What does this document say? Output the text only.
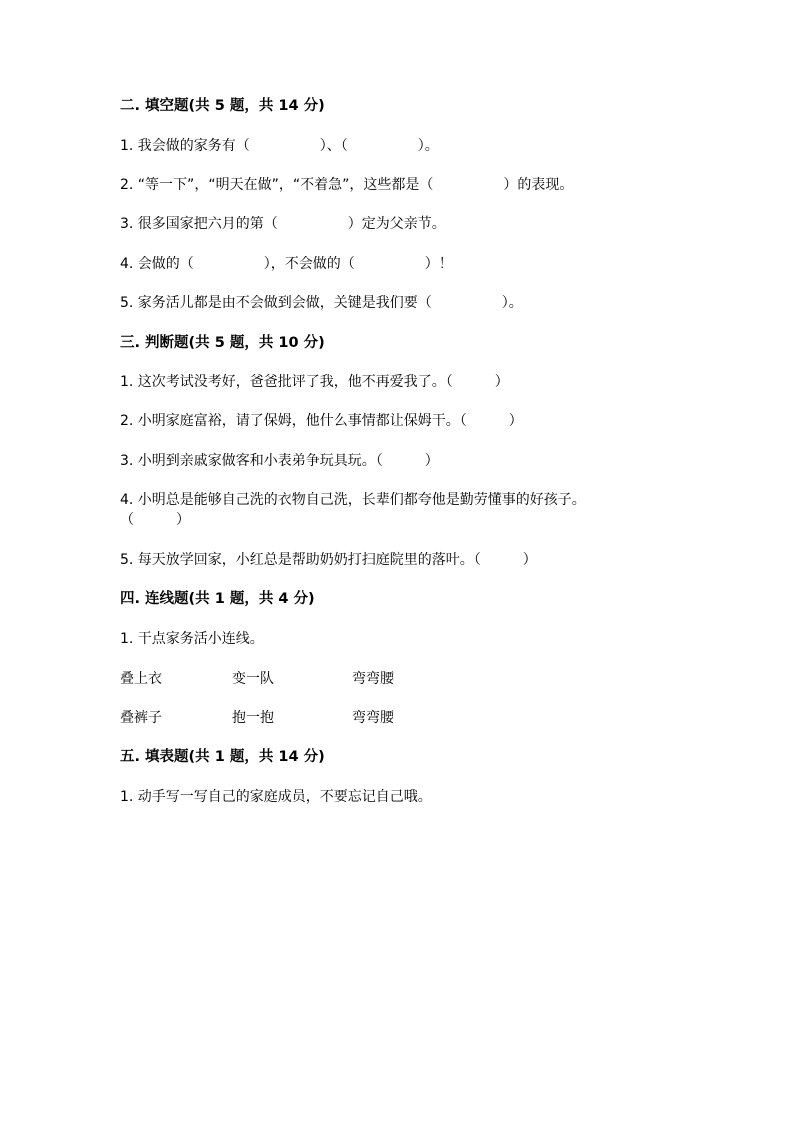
二. 填空题(共 5 题，共 14 分)
1. 我会做的家务有（　　　　　）、（　　　　　）。
2. “等一下”，“明天在做”，“不着急”，这些都是（　　　　　）的表现。
3. 很多国家把六月的第（　　　　　）定为父亲节。
4. 会做的（　　　　　），不会做的（　　　　　）！
5. 家务活儿都是由不会做到会做，关键是我们要（　　　　　）。
三. 判断题(共 5 题，共 10 分)
1. 这次考试没考好，爸爸批评了我，他不再爱我了。（　　　）
2. 小明家庭富裕，请了保姆，他什么事情都让保姆干。（　　　）
3. 小明到亲戚家做客和小表弟争玩具玩。（　　　）
4. 小明总是能够自己洗的衣物自己洗，长辈们都夸他是勤劳懂事的好孩子。
（　　　）
5. 每天放学回家，小红总是帮助奶奶打扫庭院里的落叶。（　　　）
四. 连线题(共 1 题，共 4 分)
1. 干点家务活小连线。
叠上衣	变一队	弯弯腰
叠裤子	抱一抱	弯弯腰
五. 填表题(共 1 题，共 14 分)
1. 动手写一写自己的家庭成员，不要忘记自己哦。
